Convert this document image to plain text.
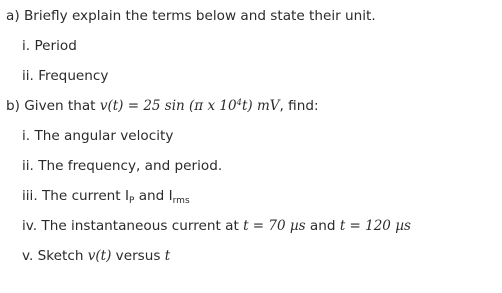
a) Briefly explain the terms below and state their unit.
i. Period
ii. Frequency
b) Given that v(t) = 25 sin (π x $10^4t$) mV, find:
i. The angular velocity
ii. The frequency, and period.
iii. The current $I_P$ and $I_{rms}$
iv. The instantaneous current at t = 70 µs and t = 120 µs
v. Sketch v(t) versus t
